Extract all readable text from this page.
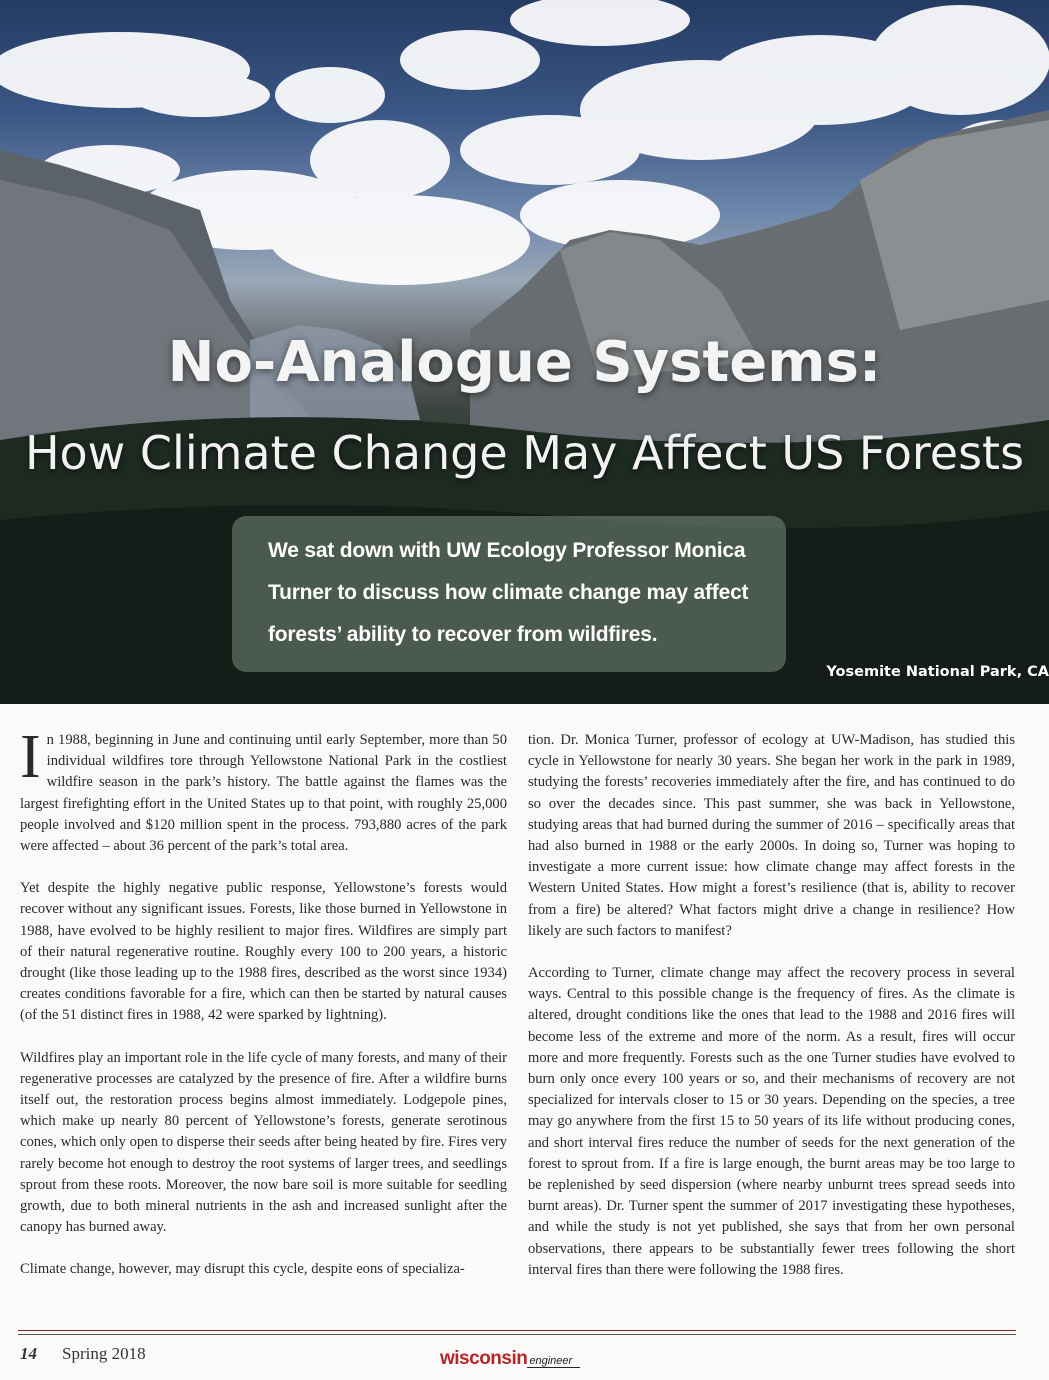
No-Analogue Systems:
How Climate Change May Affect US Forests

We sat down with UW Ecology Professor Monica

Turner to discuss how climate change may affect

forests’ ability to recover from wildfires.

Yosemite National Park, CA

In 1988, beginning in June and continuing until early September, more than 50 individual wildfires tore through Yellowstone National Park in the costliest wildfire season in the park’s history. The battle against the flames was the largest firefighting effort in the United States up to that point, with roughly 25,000 people involved and $120 million spent in the process. 793,880 acres of the park were affected – about 36 percent of the park’s total area.

Yet despite the highly negative public response, Yellowstone’s forests would recover without any significant issues. Forests, like those burned in Yellowstone in 1988, have evolved to be highly resilient to major fires. Wildfires are simply part of their natural regenerative routine. Roughly every 100 to 200 years, a historic drought (like those leading up to the 1988 fires, described as the worst since 1934) creates conditions favorable for a fire, which can then be started by natural causes (of the 51 distinct fires in 1988, 42 were sparked by lightning).

Wildfires play an important role in the life cycle of many forests, and many of their regenerative processes are catalyzed by the presence of fire. After a wildfire burns itself out, the restoration process begins almost immediately. Lodgepole pines, which make up nearly 80 percent of Yellowstone’s forests, generate serotinous cones, which only open to disperse their seeds after being heated by fire. Fires very rarely become hot enough to destroy the root systems of larger trees, and seedlings sprout from these roots. Moreover, the now bare soil is more suitable for seedling growth, due to both mineral nutrients in the ash and increased sunlight after the canopy has burned away.

Climate change, however, may disrupt this cycle, despite eons of specializa-

tion. Dr. Monica Turner, professor of ecology at UW-Madison, has studied this cycle in Yellowstone for nearly 30 years. She began her work in the park in 1989, studying the forests’ recoveries immediately after the fire, and has continued to do so over the decades since. This past summer, she was back in Yellowstone, studying areas that had burned during the summer of 2016 – specifically areas that had also burned in 1988 or the early 2000s. In doing so, Turner was hoping to investigate a more current issue: how climate change may affect forests in the Western United States. How might a forest’s resilience (that is, ability to recover from a fire) be altered? What factors might drive a change in resilience? How likely are such factors to manifest?

According to Turner, climate change may affect the recovery process in several ways. Central to this possible change is the frequency of fires. As the climate is altered, drought conditions like the ones that lead to the 1988 and 2016 fires will become less of the extreme and more of the norm. As a result, fires will occur more and more frequently. Forests such as the one Turner studies have evolved to burn only once every 100 years or so, and their mechanisms of recovery are not specialized for intervals closer to 15 or 30 years. Depending on the species, a tree may go anywhere from the first 15 to 50 years of its life without producing cones, and short interval fires reduce the number of seeds for the next generation of the forest to sprout from. If a fire is large enough, the burnt areas may be too large to be replenished by seed dispersion (where nearby unburnt trees spread seeds into burnt areas). Dr. Turner spent the summer of 2017 investigating these hypotheses, and while the study is not yet published, she says that from her own personal observations, there appears to be substantially fewer trees following the short interval fires than there were following the 1988 fires.

14 Spring 2018	wisconsin engineer
